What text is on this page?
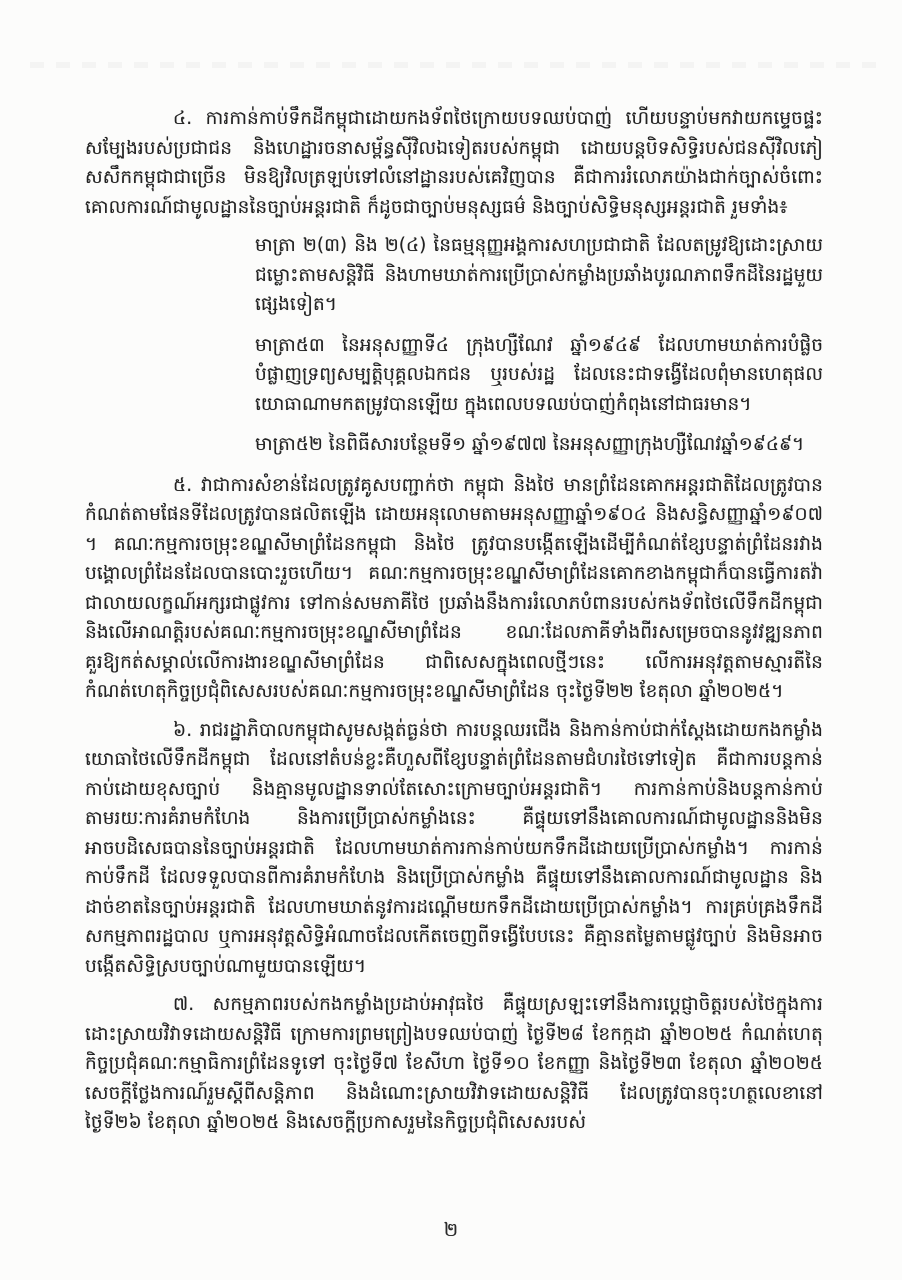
៤. ការកាន់កាប់ទឹកដីកម្ពុជាដោយកងទ័ពថៃក្រោយបទឈប់បាញ់ ហើយបន្ទាប់មកវាយកម្ទេចផ្ទះសម្បែងរបស់ប្រជាជន និងហេដ្ឋារចនាសម្ព័ន្ធស៊ីវិលឯទៀតរបស់កម្ពុជា ដោយបន្តបិទសិទ្ធិរបស់ជនស៊ីវិលភៀសសឹកកម្ពុជាជាច្រើន មិនឱ្យវិលត្រឡប់ទៅលំនៅដ្ឋានរបស់គេវិញបាន គឺជាការរំលោភយ៉ាងជាក់ច្បាស់ចំពោះគោលការណ៍ជាមូលដ្ឋាននៃច្បាប់អន្តរជាតិ ក៏ដូចជាច្បាប់មនុស្សធម៌ និងច្បាប់សិទ្ធិមនុស្សអន្តរជាតិ រួមទាំង៖

មាត្រា ២(៣) និង ២(៤) នៃធម្មនុញ្ញអង្គការសហប្រជាជាតិ ដែលតម្រូវឱ្យដោះស្រាយជម្លោះតាមសន្តិវិធី និងហាមឃាត់ការប្រើប្រាស់កម្លាំងប្រឆាំងបូរណភាពទឹកដីនៃរដ្ឋមួយផ្សេងទៀត។

មាត្រា៥៣ នៃអនុសញ្ញាទី៤ ក្រុងហ្សឺណែវ ឆ្នាំ១៩៤៩ ដែលហាមឃាត់ការបំផ្លិចបំផ្លាញទ្រព្យសម្បត្តិបុគ្គលឯកជន ឬរបស់រដ្ឋ ដែលនេះជាទង្វើដែលពុំមានហេតុផលយោធាណាមកតម្រូវបានឡើយ ក្នុងពេលបទឈប់បាញ់កំពុងនៅជាធរមាន។

មាត្រា៥២ នៃពិធីសារបន្ថែមទី១ ឆ្នាំ១៩៧៧ នៃអនុសញ្ញាក្រុងហ្សឺណែវឆ្នាំ១៩៤៩។

៥. វាជាការសំខាន់ដែលត្រូវគូសបញ្ជាក់ថា កម្ពុជា និងថៃ មានព្រំដែនគោកអន្តរជាតិដែលត្រូវបានកំណត់តាមផែនទីដែលត្រូវបានផលិតឡើង ដោយអនុលោមតាមអនុសញ្ញាឆ្នាំ១៩០៤ និងសន្ធិសញ្ញាឆ្នាំ១៩០៧ ។ គណៈកម្មការចម្រុះខណ្ឌសីមាព្រំដែនកម្ពុជា និងថៃ ត្រូវបានបង្កើតឡើងដើម្បីកំណត់ខ្សែបន្ទាត់ព្រំដែនរវាងបង្គោលព្រំដែនដែលបានបោះរួចហើយ។ គណៈកម្មការចម្រុះខណ្ឌសីមាព្រំដែនគោកខាងកម្ពុជាក៏បានធ្វើការតវ៉ាជាលាយលក្ខណ៍អក្សរជាផ្លូវការ ទៅកាន់សមភាគីថៃ ប្រឆាំងនឹងការរំលោភបំពានរបស់កងទ័ពថៃលើទឹកដីកម្ពុជា និងលើអាណត្តិរបស់គណៈកម្មការចម្រុះខណ្ឌសីមាព្រំដែន ខណៈដែលភាគីទាំងពីរសម្រេចបាននូវវឌ្ឍនភាពគួរឱ្យកត់សម្គាល់លើការងារខណ្ឌសីមាព្រំដែន ជាពិសេសក្នុងពេលថ្មីៗនេះ លើការអនុវត្តតាមស្មារតីនៃកំណត់ហេតុកិច្ចប្រជុំពិសេសរបស់គណៈកម្មការចម្រុះខណ្ឌសីមាព្រំដែន ចុះថ្ងៃទី២២ ខែតុលា ឆ្នាំ២០២៥។

៦. រាជរដ្ឋាភិបាលកម្ពុជាសូមសង្កត់ធ្ងន់ថា ការបន្តឈរជើង និងកាន់កាប់ជាក់ស្តែងដោយកងកម្លាំងយោធាថៃលើទឹកដីកម្ពុជា ដែលនៅតំបន់ខ្លះគឺហួសពីខ្សែបន្ទាត់ព្រំដែនតាមជំហរថៃទៅទៀត គឺជាការបន្តកាន់កាប់ដោយខុសច្បាប់ និងគ្មានមូលដ្ឋានទាល់តែសោះក្រោមច្បាប់អន្តរជាតិ។ ការកាន់កាប់និងបន្តកាន់កាប់ តាមរយៈការគំរាមកំហែង និងការប្រើប្រាស់កម្លាំងនេះ គឺផ្ទុយទៅនឹងគោលការណ៍ជាមូលដ្ឋាននិងមិនអាចបដិសេធបាននៃច្បាប់អន្តរជាតិ ដែលហាមឃាត់ការកាន់កាប់យកទឹកដីដោយប្រើប្រាស់កម្លាំង។ ការកាន់កាប់ទឹកដី ដែលទទួលបានពីការគំរាមកំហែង និងប្រើប្រាស់កម្លាំង គឺផ្ទុយទៅនឹងគោលការណ៍ជាមូលដ្ឋាន និងដាច់ខាតនៃច្បាប់អន្តរជាតិ ដែលហាមឃាត់នូវការដណ្តើមយកទឹកដីដោយប្រើប្រាស់កម្លាំង។ ការគ្រប់គ្រងទឹកដី សកម្មភាពរដ្ឋបាល ឬការអនុវត្តសិទ្ធិអំណាចដែលកើតចេញពីទង្វើបែបនេះ គឺគ្មានតម្លៃតាមផ្លូវច្បាប់ និងមិនអាចបង្កើតសិទ្ធិស្របច្បាប់ណាមួយបានឡើយ។

៧. សកម្មភាពរបស់កងកម្លាំងប្រដាប់អាវុធថៃ គឺផ្ទុយស្រឡះទៅនឹងការប្តេជ្ញាចិត្តរបស់ថៃក្នុងការដោះស្រាយវិវាទដោយសន្តិវិធី ក្រោមការព្រមព្រៀងបទឈប់បាញ់ ថ្ងៃទី២៨ ខែកក្កដា ឆ្នាំ២០២៥ កំណត់ហេតុកិច្ចប្រជុំគណៈកម្មាធិការព្រំដែនទូទៅ ចុះថ្ងៃទី៧ ខែសីហា ថ្ងៃទី១០ ខែកញ្ញា និងថ្ងៃទី២៣ ខែតុលា ឆ្នាំ២០២៥ សេចក្តីថ្លែងការណ៍រួមស្តីពីសន្តិភាព និងដំណោះស្រាយវិវាទដោយសន្តិវិធី ដែលត្រូវបានចុះហត្ថលេខានៅថ្ងៃទី២៦ ខែតុលា ឆ្នាំ២០២៥ និងសេចក្តីប្រកាសរួមនៃកិច្ចប្រជុំពិសេសរបស់

២
